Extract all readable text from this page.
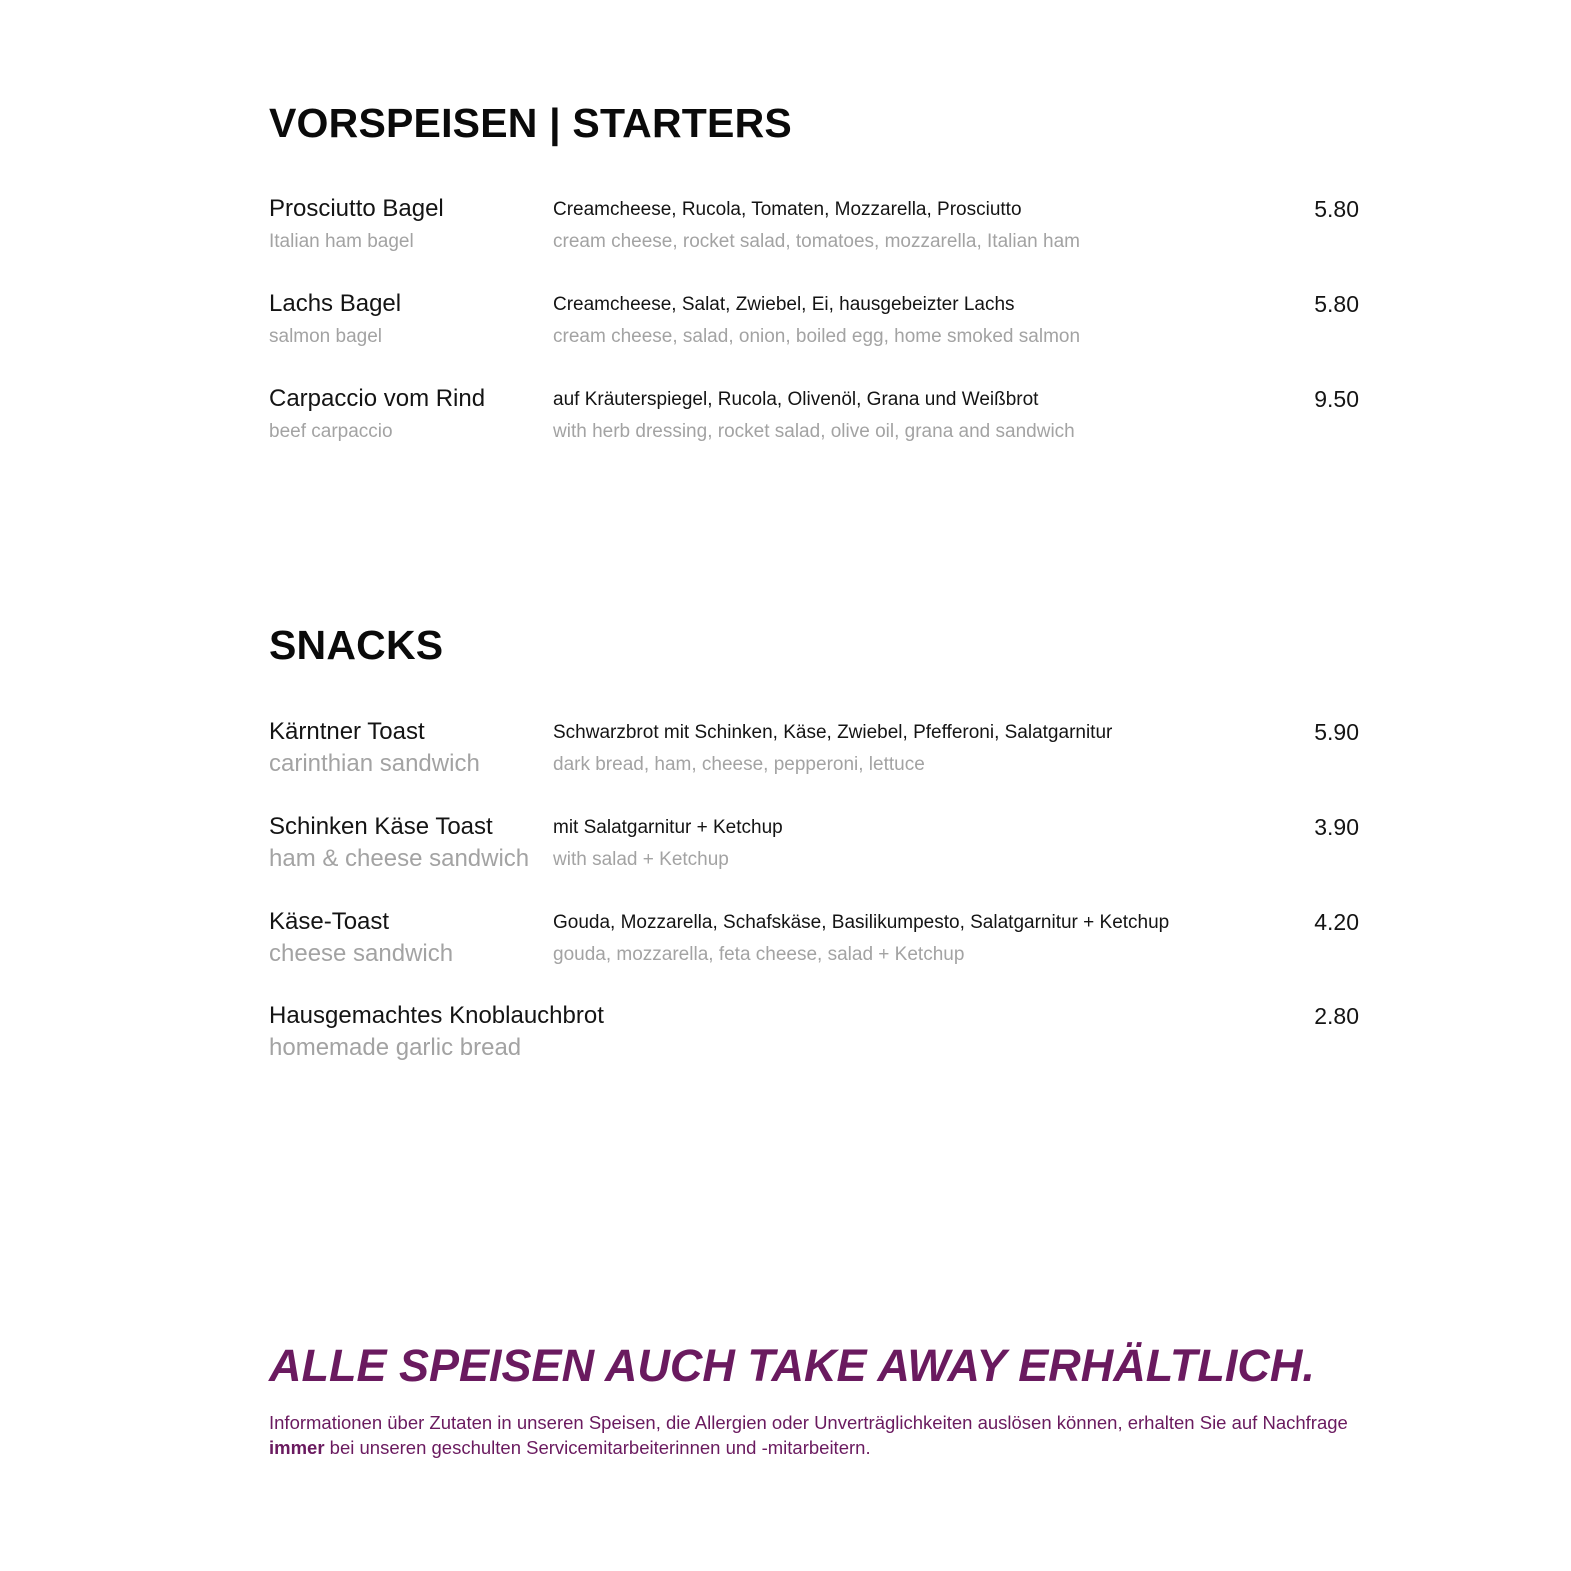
VORSPEISEN | STARTERS
Prosciutto Bagel
Italian ham bagel
Creamcheese, Rucola, Tomaten, Mozzarella, Prosciutto
cream cheese, rocket salad, tomatoes, mozzarella, Italian ham
5.80
Lachs Bagel
salmon bagel
Creamcheese, Salat, Zwiebel, Ei, hausgebeizter Lachs
cream cheese, salad, onion, boiled egg, home smoked salmon
5.80
Carpaccio vom Rind
beef carpaccio
auf Kräuterspiegel, Rucola, Olivenöl, Grana und Weißbrot
with herb dressing, rocket salad, olive oil, grana and sandwich
9.50
SNACKS
Kärntner Toast
carinthian sandwich
Schwarzbrot mit Schinken, Käse, Zwiebel, Pfefferoni, Salatgarnitur
dark bread, ham, cheese, pepperoni, lettuce
5.90
Schinken Käse Toast
ham & cheese sandwich
mit Salatgarnitur + Ketchup
with salad + Ketchup
3.90
Käse-Toast
cheese sandwich
Gouda, Mozzarella, Schafskäse, Basilikumpesto, Salatgarnitur + Ketchup
gouda, mozzarella, feta cheese, salad + Ketchup
4.20
Hausgemachtes Knoblauchbrot
homemade garlic bread
2.80
ALLE SPEISEN AUCH TAKE AWAY ERHÄLTLICH.

Informationen über Zutaten in unseren Speisen, die Allergien oder Unverträglichkeiten auslösen können, erhalten Sie auf Nachfrage immer bei unseren geschulten Servicemitarbeiterinnen und -mitarbeitern.
